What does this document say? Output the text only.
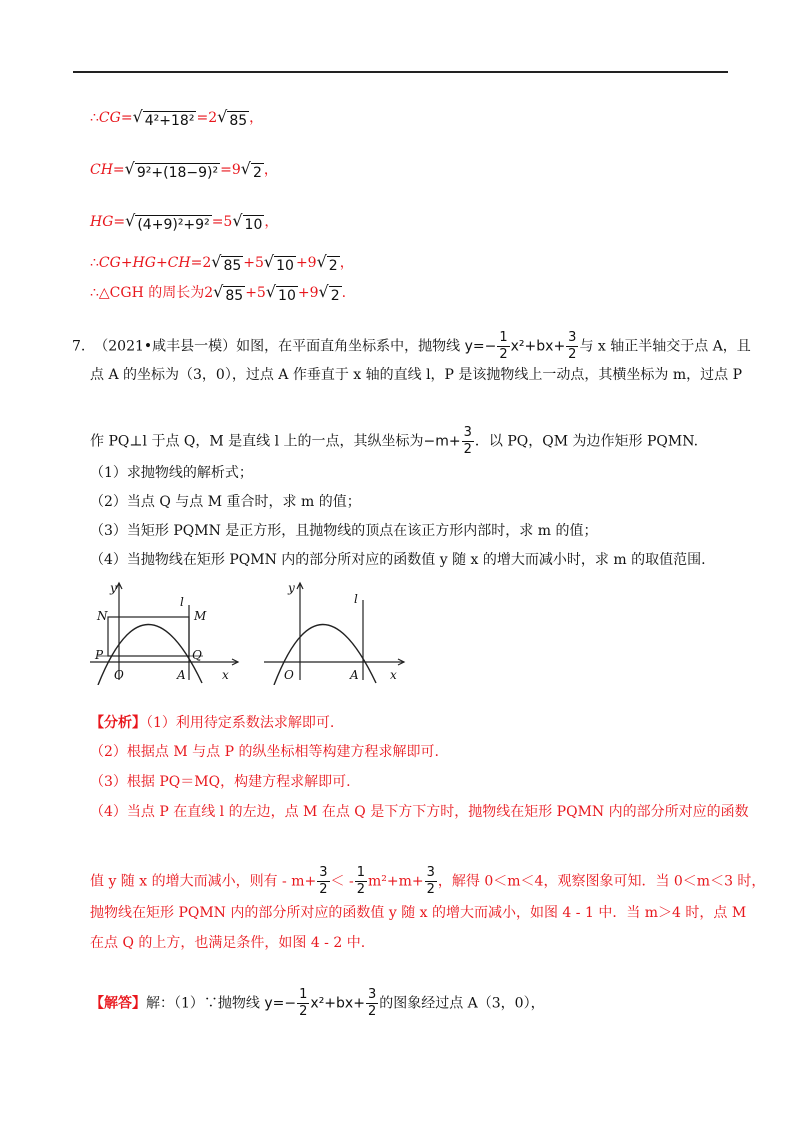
∴CG= √ 4²+18² =2 √ 85 ，
CH= √ 9²+(18−9)² =9 √ 2 ，
HG= √ (4+9)²+9² =5 √ 10 ，
∴CG+HG+CH=2 √ 85 +5 √ 10 +9 √ 2 ，
∴△CGH 的周长为2 √ 85 +5 √ 10 +9 √ 2 .
7. （2021•咸丰县一模）如图，在平面直角坐标系中，抛物线 $y=- \frac{1}{2} x^2+bx+ \frac{3}{2}$ 与 x 轴正半轴交于点 A，且
点 A 的坐标为（3，0），过点 A 作垂直于 x 轴的直线 l，P 是该抛物线上一动点，其横坐标为 m，过点 P
作 PQ⊥l 于点 Q，M 是直线 l 上的一点，其纵坐标为$-m+ \frac{3}{2}$ ．以 PQ，QM 为边作矩形 PQMN.
（1）求抛物线的解析式；
（2）当点 Q 与点 M 重合时，求 m 的值；
（3）当矩形 PQMN 是正方形，且抛物线的顶点在该正方形内部时，求 m 的值；
（4）当抛物线在矩形 PQMN 内的部分所对应的函数值 y 随 x 的增大而减小时，求 m 的取值范围.
y
x
O	A
N	M
P	Q
l
y
x
O	A
l
【分析】（1）利用待定系数法求解即可.
（2）根据点 M 与点 P 的纵坐标相等构建方程求解即可.
（3）根据 PQ＝MQ，构建方程求解即可.
（4）当点 P 在直线 l 的左边，点 M 在点 Q 是下方下方时，抛物线在矩形 PQMN 内的部分所对应的函数
值 y 随 x 的增大而减小，则有 - $m+ \frac{3}{2}$ ＜ - $\frac{1}{2} m^2+m+ \frac{3}{2}$ ，解得 0＜m＜4，观察图象可知．当 0＜m＜3 时，
抛物线在矩形 PQMN 内的部分所对应的函数值 y 随 x 的增大而减小，如图 4 - 1 中．当 m＞4 时，点 M
在点 Q 的上方，也满足条件，如图 4 - 2 中.
【解答】解：（1）∵抛物线 $y=- \frac{1}{2} x^2+bx+ \frac{3}{2}$ 的图象经过点 A（3，0），
